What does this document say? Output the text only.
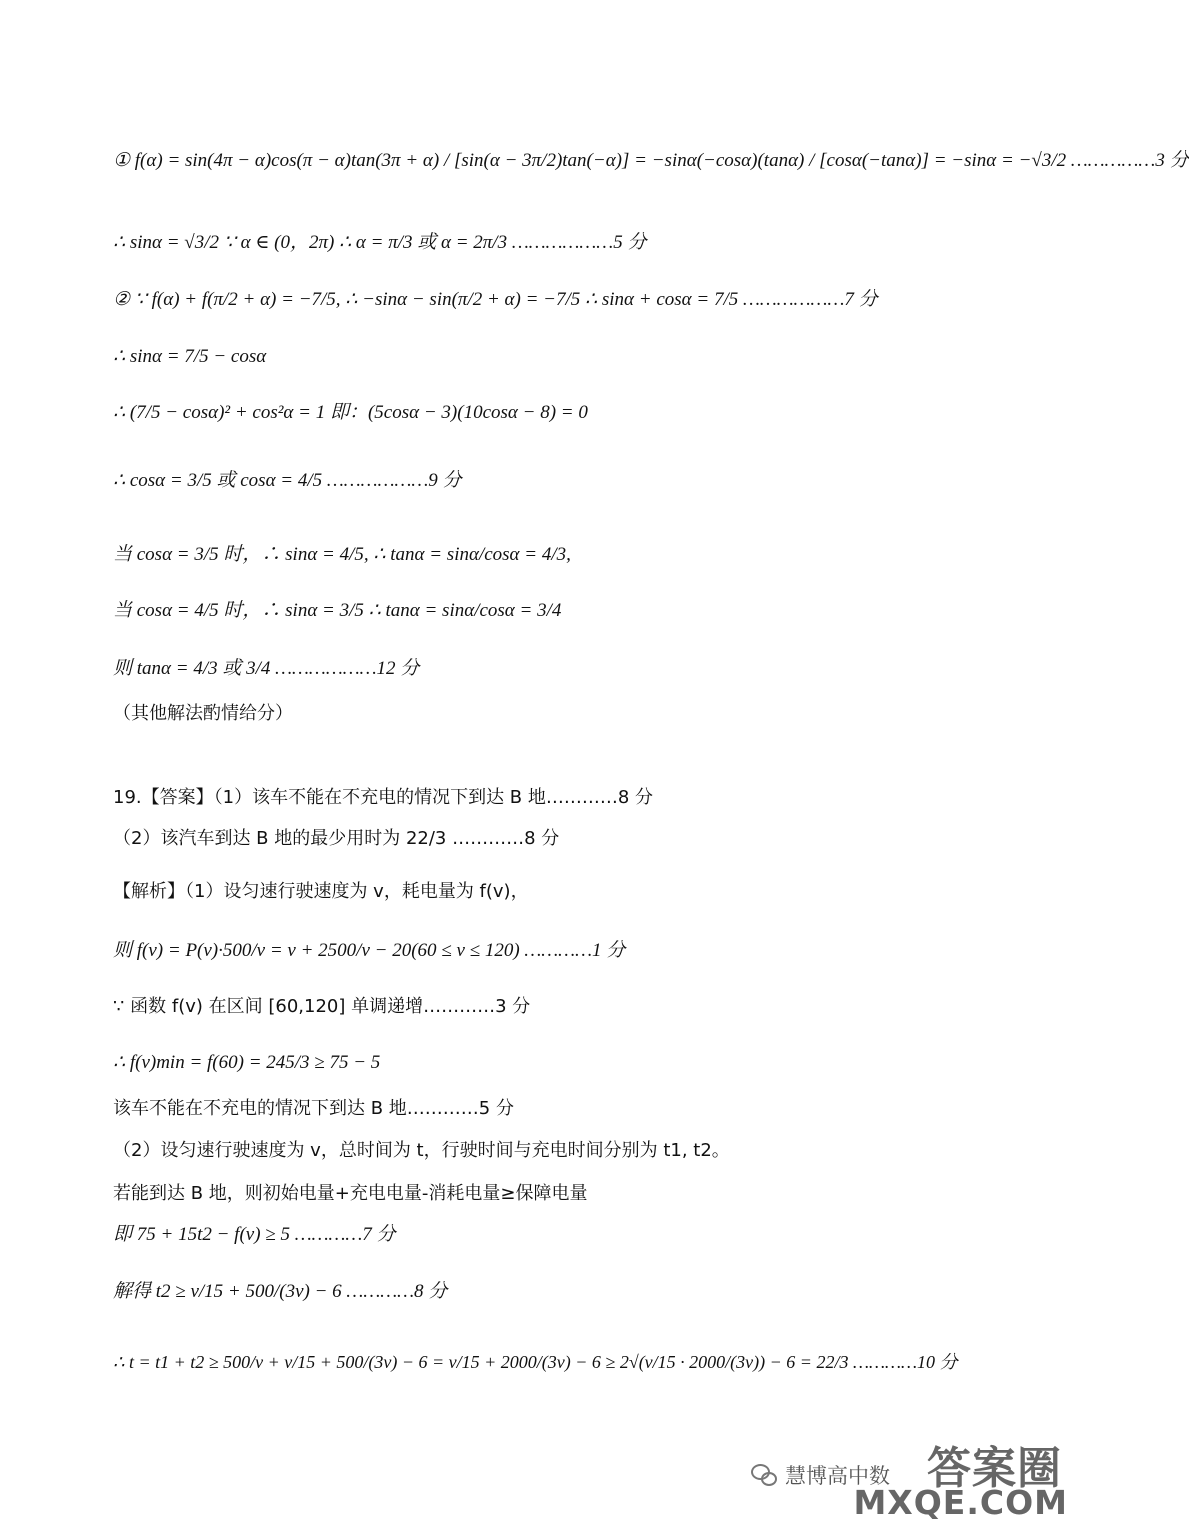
① f(α) = sin(4π − α)cos(π − α)tan(3π + α) / [sin(α − 3π/2)tan(−α)] = −sinα(−cosα)(tanα) / [cosα(−tanα)] = −sinα = −√3/2 ……………3 分
∴ sinα = √3/2 ∵ α ∈ (0，2π) ∴ α = π/3 或 α = 2π/3 ………………5 分
② ∵ f(α) + f(π/2 + α) = −7/5, ∴ −sinα − sin(π/2 + α) = −7/5 ∴ sinα + cosα = 7/5 ………………7 分
∴ sinα = 7/5 − cosα
∴ (7/5 − cosα)² + cos²α = 1 即：(5cosα − 3)(10cosα − 8) = 0
∴ cosα = 3/5 或 cosα = 4/5 ………………9 分
当 cosα = 3/5 时，∴ sinα = 4/5, ∴ tanα = sinα/cosα = 4/3,
当 cosα = 4/5 时，∴ sinα = 3/5 ∴ tanα = sinα/cosα = 3/4
则 tanα = 4/3 或 3/4 ………………12 分
（其他解法酌情给分）
19.【答案】（1）该车不能在不充电的情况下到达 B 地…………8 分
（2）该汽车到达 B 地的最少用时为 22/3 …………8 分
【解析】（1）设匀速行驶速度为 v，耗电量为 f(v)，
则 f(v) = P(v)·500/v = v + 2500/v − 20(60 ≤ v ≤ 120) …………1 分
∵ 函数 f(v) 在区间 [60,120] 单调递增…………3 分
∴ f(v)min = f(60) = 245/3 ≥ 75 − 5
该车不能在不充电的情况下到达 B 地…………5 分
（2）设匀速行驶速度为 v，总时间为 t，行驶时间与充电时间分别为 t1, t2。
若能到达 B 地，则初始电量+充电电量-消耗电量≥保障电量
即 75 + 15t2 − f(v) ≥ 5 …………7 分
解得 t2 ≥ v/15 + 500/(3v) − 6 …………8 分
∴ t = t1 + t2 ≥ 500/v + v/15 + 500/(3v) − 6 = v/15 + 2000/(3v) − 6 ≥ 2√(v/15 · 2000/(3v)) − 6 = 22/3 …………10 分
慧博高中数 答案圈
MXQE.COM
